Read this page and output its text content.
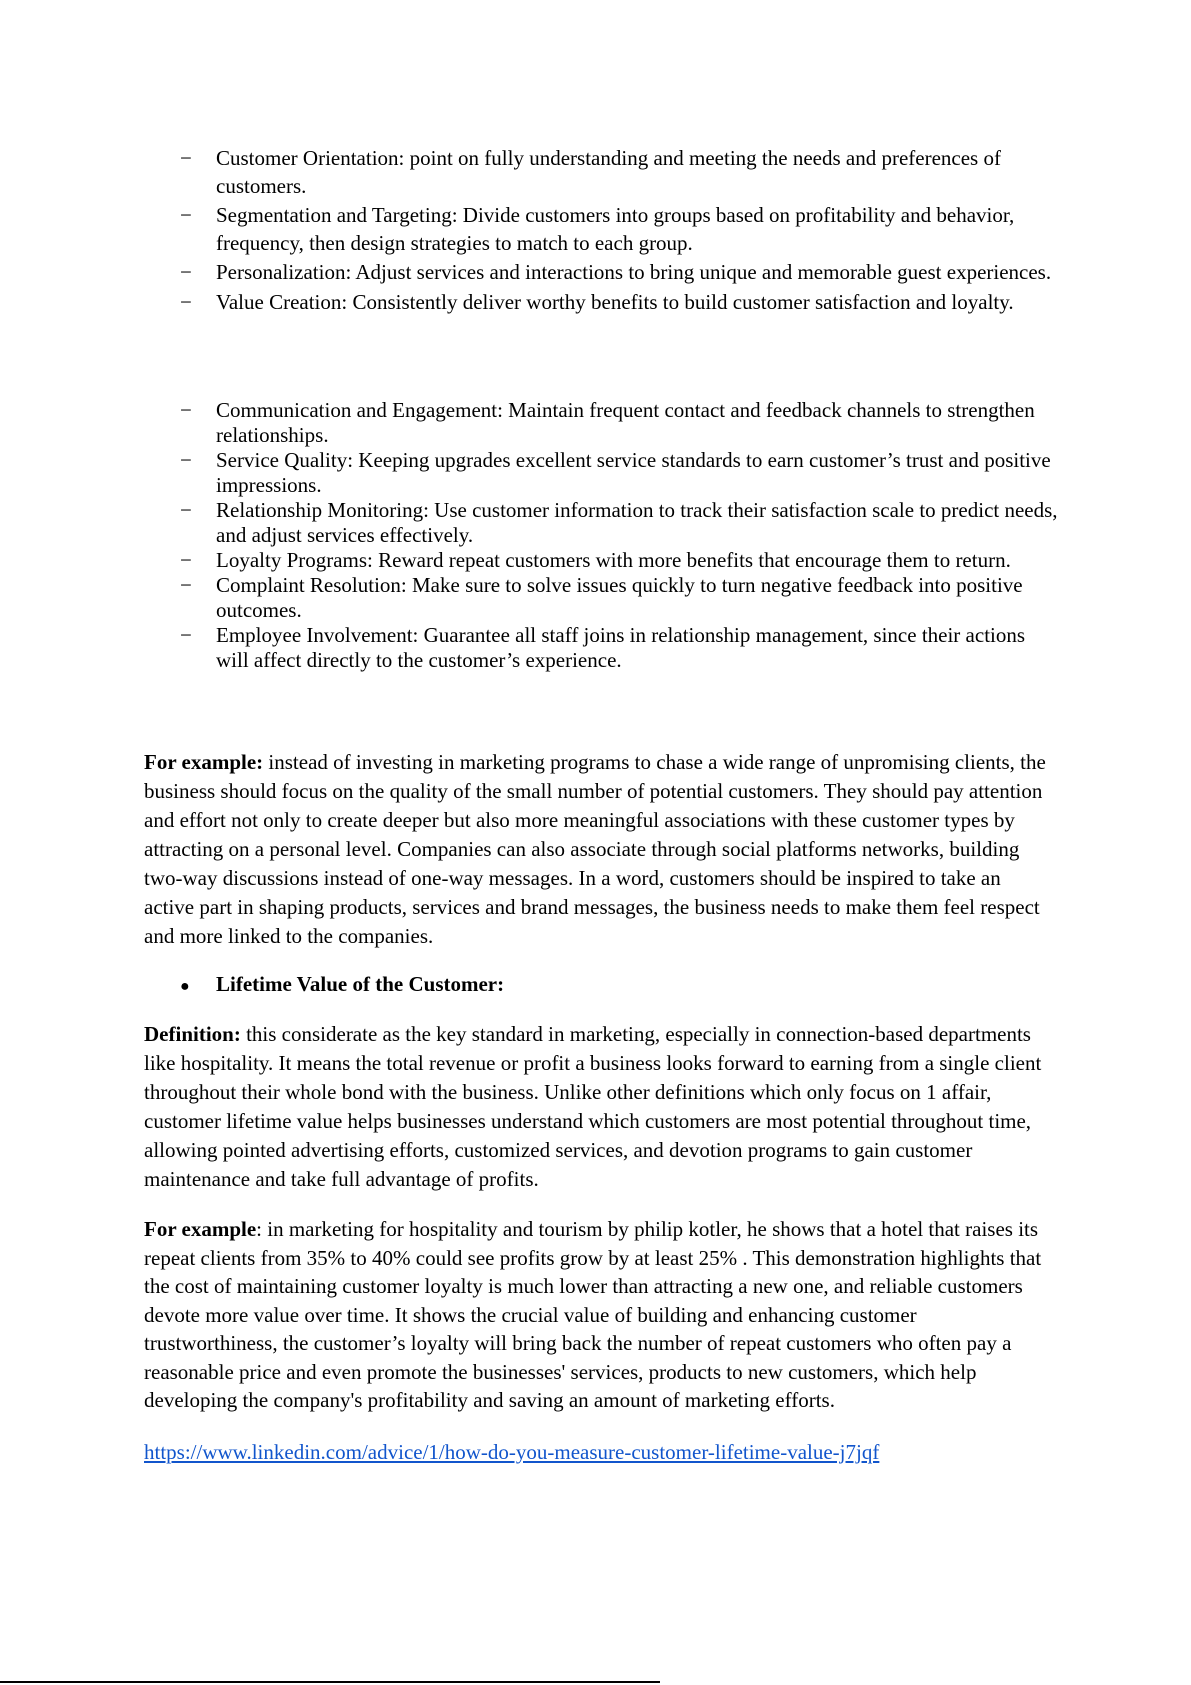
− Customer Orientation: point on fully understanding and meeting the needs and preferences of customers.
− Segmentation and Targeting: Divide customers into groups based on profitability and behavior, frequency, then design strategies to match to each group.
− Personalization: Adjust services and interactions to bring unique and memorable guest experiences.
− Value Creation: Consistently deliver worthy benefits to build customer satisfaction and loyalty.
− Communication and Engagement: Maintain frequent contact and feedback channels to strengthen relationships.
− Service Quality: Keeping upgrades excellent service standards to earn customer’s trust and positive impressions.
− Relationship Monitoring: Use customer information to track their satisfaction scale to predict needs, and adjust services effectively.
− Loyalty Programs: Reward repeat customers with more benefits that encourage them to return.
− Complaint Resolution: Make sure to solve issues quickly to turn negative feedback into positive outcomes.
− Employee Involvement: Guarantee all staff joins in relationship management, since their actions will affect directly to the customer’s experience.

For example: instead of investing in marketing programs to chase a wide range of unpromising clients, the business should focus on the quality of the small number of potential customers. They should pay attention and effort not only to create deeper but also more meaningful associations with these customer types by attracting on a personal level. Companies can also associate through social platforms networks, building two-way discussions instead of one-way messages. In a word, customers should be inspired to take an active part in shaping products, services and brand messages, the business needs to make them feel respect and more linked to the companies.

● Lifetime Value of the Customer:

Definition: this considerate as the key standard in marketing, especially in connection-based departments like hospitality. It means the total revenue or profit a business looks forward to earning from a single client throughout their whole bond with the business. Unlike other definitions which only focus on 1 affair, customer lifetime value helps businesses understand which customers are most potential throughout time, allowing pointed advertising efforts, customized services, and devotion programs to gain customer maintenance and take full advantage of profits.

For example: in marketing for hospitality and tourism by philip kotler, he shows that a hotel that raises its repeat clients from 35% to 40% could see profits grow by at least 25% . This demonstration highlights that the cost of maintaining customer loyalty is much lower than attracting a new one, and reliable customers devote more value over time. It shows the crucial value of building and enhancing customer trustworthiness, the customer’s loyalty will bring back the number of repeat customers who often pay a reasonable price and even promote the businesses' services, products to new customers, which help developing the company's profitability and saving an amount of marketing efforts.

https://www.linkedin.com/advice/1/how-do-you-measure-customer-lifetime-value-j7jqf
